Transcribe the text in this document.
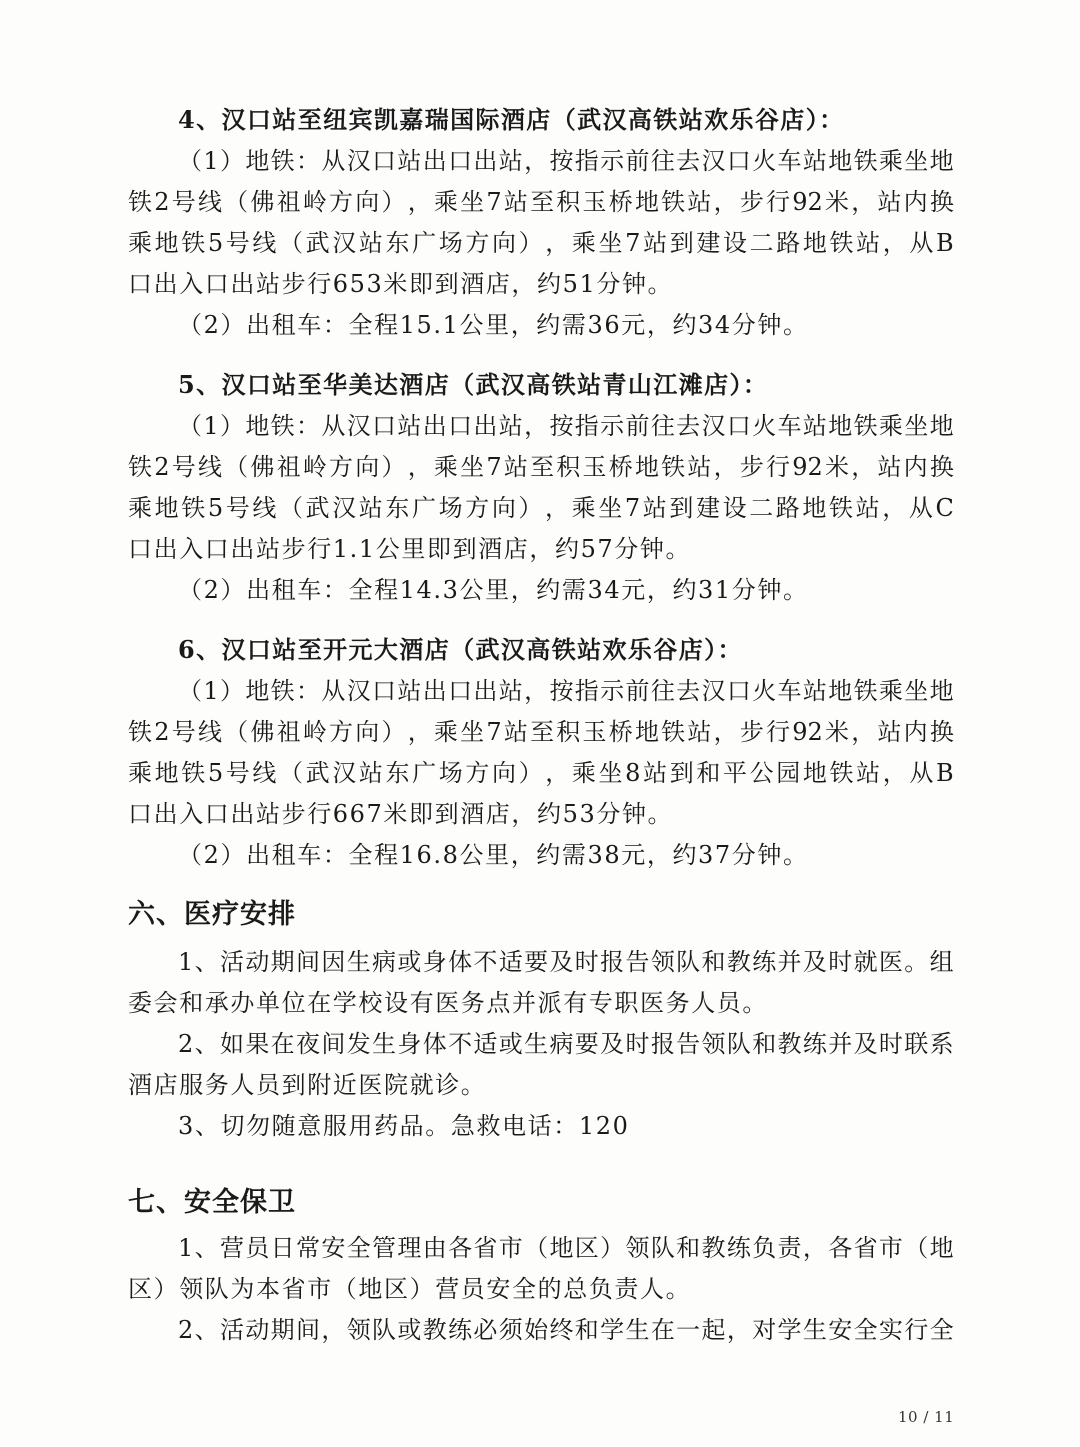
4、汉口站至纽宾凯嘉瑞国际酒店（武汉高铁站欢乐谷店）：
（ 1 ） 地 铁 ： 从 汉 口 站 出 口 出 站 ， 按 指 示 前 往 去 汉 口 火 车 站 地 铁 乘 坐 地
铁 2 号 线 （ 佛 祖 岭 方 向 ） ， 乘 坐 7 站 至 积 玉 桥 地 铁 站 ， 步 行 92 米 ， 站 内 换
乘 地 铁 5 号 线 （ 武 汉 站 东 广 场 方 向 ） ， 乘 坐 7 站 到 建 设 二 路 地 铁 站 ， 从 B
口出入口出站步行653米即到酒店，约51分钟。
（2）出租车：全程15.1公里，约需36元，约34分钟。
5、汉口站至华美达酒店（武汉高铁站青山江滩店）：
（ 1 ） 地 铁 ： 从 汉 口 站 出 口 出 站 ， 按 指 示 前 往 去 汉 口 火 车 站 地 铁 乘 坐 地
铁 2 号 线 （ 佛 祖 岭 方 向 ） ， 乘 坐 7 站 至 积 玉 桥 地 铁 站 ， 步 行 92 米 ， 站 内 换
乘 地 铁 5 号 线 （ 武 汉 站 东 广 场 方 向 ） ， 乘 坐 7 站 到 建 设 二 路 地 铁 站 ， 从 C
口出入口出站步行1.1公里即到酒店，约57分钟。
（2）出租车：全程14.3公里，约需34元，约31分钟。
6、汉口站至开元大酒店（武汉高铁站欢乐谷店）：
（ 1 ） 地 铁 ： 从 汉 口 站 出 口 出 站 ， 按 指 示 前 往 去 汉 口 火 车 站 地 铁 乘 坐 地
铁 2 号 线 （ 佛 祖 岭 方 向 ） ， 乘 坐 7 站 至 积 玉 桥 地 铁 站 ， 步 行 92 米 ， 站 内 换
乘 地 铁 5 号 线 （ 武 汉 站 东 广 场 方 向 ） ， 乘 坐 8 站 到 和 平 公 园 地 铁 站 ， 从 B
口出入口出站步行667米即到酒店，约53分钟。
（2）出租车：全程16.8公里，约需38元，约37分钟。
六、医疗安排
1 、 活 动 期 间 因 生 病 或 身 体 不 适 要 及 时 报 告 领 队 和 教 练 并 及 时 就 医 。 组
委会和承办单位在学校设有医务点并派有专职医务人员。
2 、 如 果 在 夜 间 发 生 身 体 不 适 或 生 病 要 及 时 报 告 领 队 和 教 练 并 及 时 联 系
酒店服务人员到附近医院就诊。
3、切勿随意服用药品。急救电话：120
七、安全保卫
1 、 营 员 日 常 安 全 管 理 由 各 省 市 （ 地 区 ） 领 队 和 教 练 负 责 ， 各 省 市 （ 地
区）领队为本省市（地区）营员安全的总负责人。
2 、 活 动 期 间 ， 领 队 或 教 练 必 须 始 终 和 学 生 在 一 起 ， 对 学 生 安 全 实 行 全
10 / 11
